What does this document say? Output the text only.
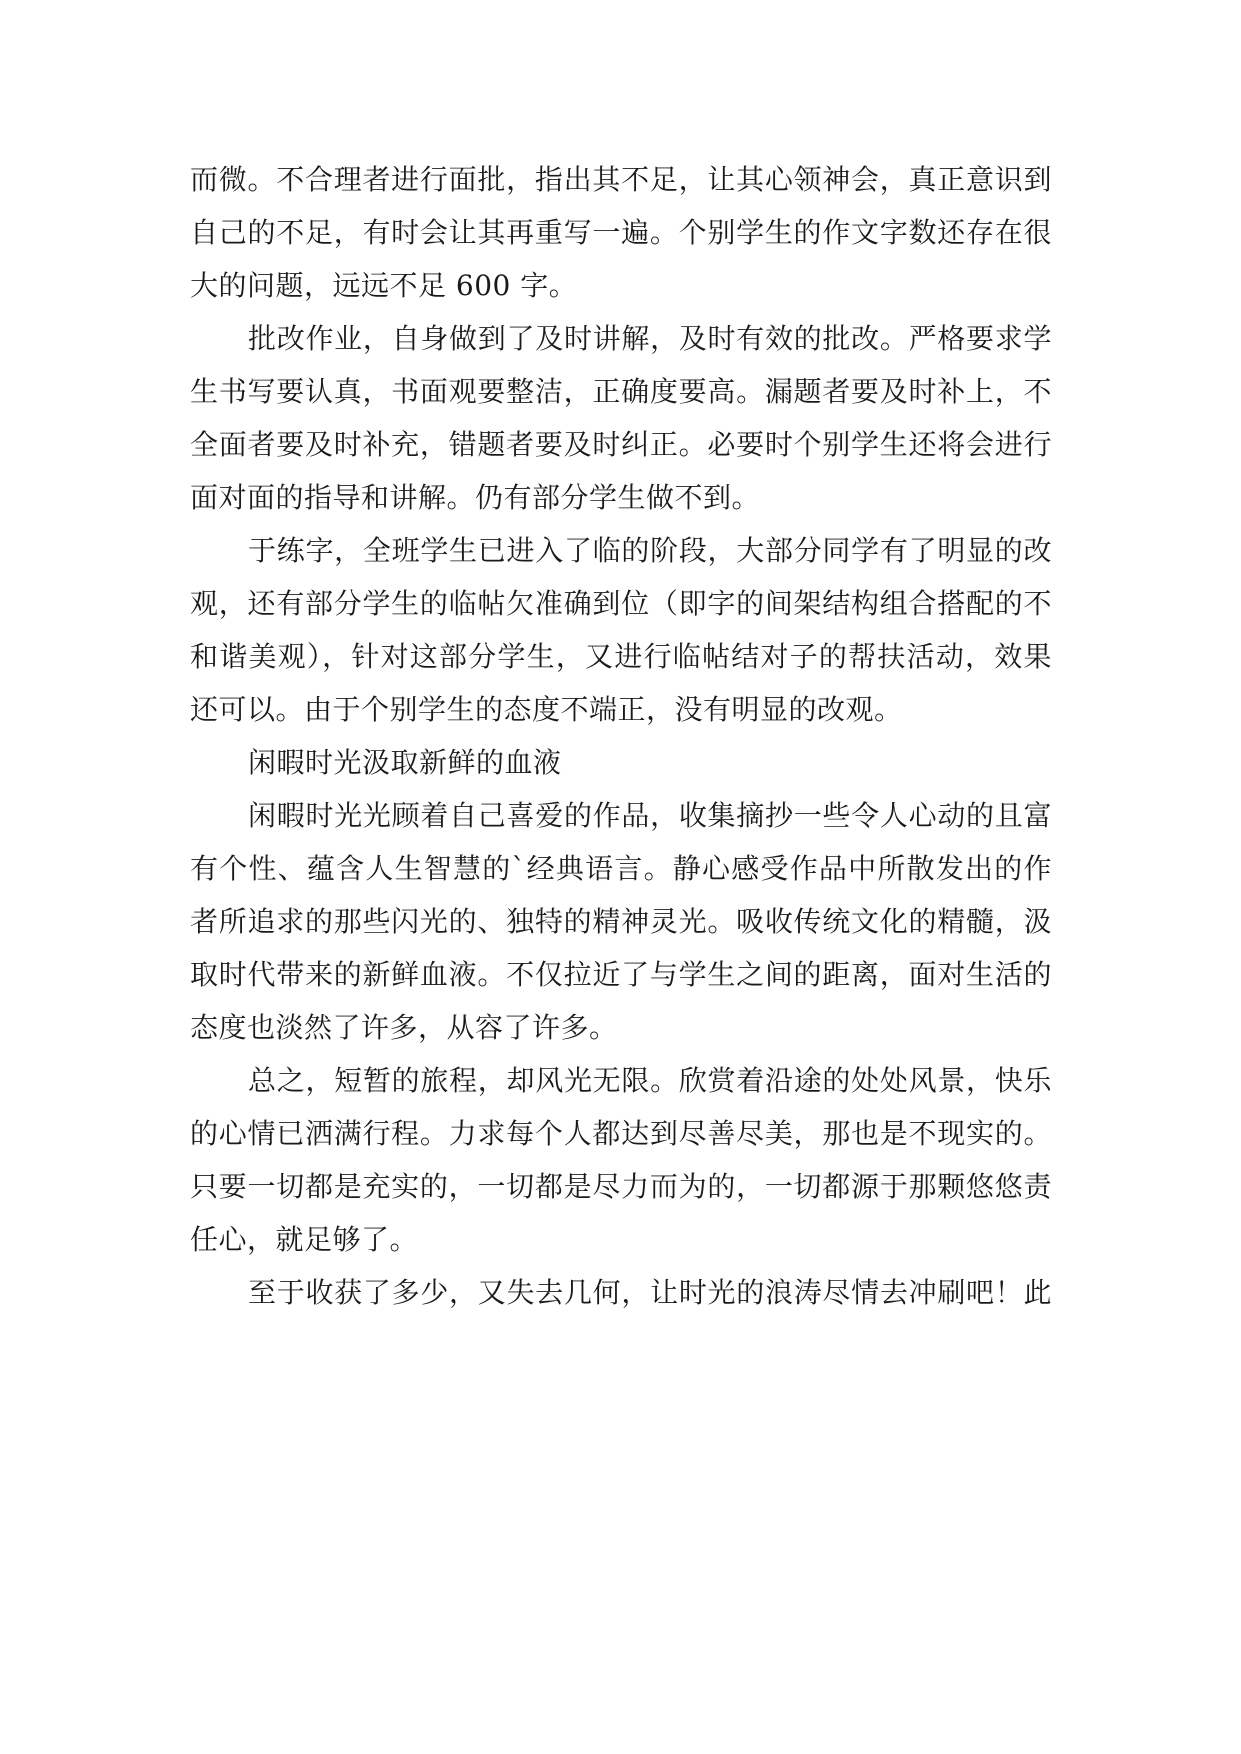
而微。不合理者进行面批，指出其不足，让其心领神会，真正意识到
自己的不足，有时会让其再重写一遍。个别学生的作文字数还存在很
大的问题，远远不足 600 字。
批改作业，自身做到了及时讲解，及时有效的批改。严格要求学
生书写要认真，书面观要整洁，正确度要高。漏题者要及时补上，不
全面者要及时补充，错题者要及时纠正。必要时个别学生还将会进行
面对面的指导和讲解。仍有部分学生做不到。
于练字，全班学生已进入了临的阶段，大部分同学有了明显的改
观，还有部分学生的临帖欠准确到位（即字的间架结构组合搭配的不
和谐美观），针对这部分学生，又进行临帖结对子的帮扶活动，效果
还可以。由于个别学生的态度不端正，没有明显的改观。
闲暇时光汲取新鲜的血液
闲暇时光光顾着自己喜爱的作品，收集摘抄一些令人心动的且富
有个性、蕴含人生智慧的`经典语言。静心感受作品中所散发出的作
者所追求的那些闪光的、独特的精神灵光。吸收传统文化的精髓，汲
取时代带来的新鲜血液。不仅拉近了与学生之间的距离，面对生活的
态度也淡然了许多，从容了许多。
总之，短暂的旅程，却风光无限。欣赏着沿途的处处风景，快乐
的心情已洒满行程。力求每个人都达到尽善尽美，那也是不现实的。
只要一切都是充实的，一切都是尽力而为的，一切都源于那颗悠悠责
任心，就足够了。
至于收获了多少，又失去几何，让时光的浪涛尽情去冲刷吧！此
